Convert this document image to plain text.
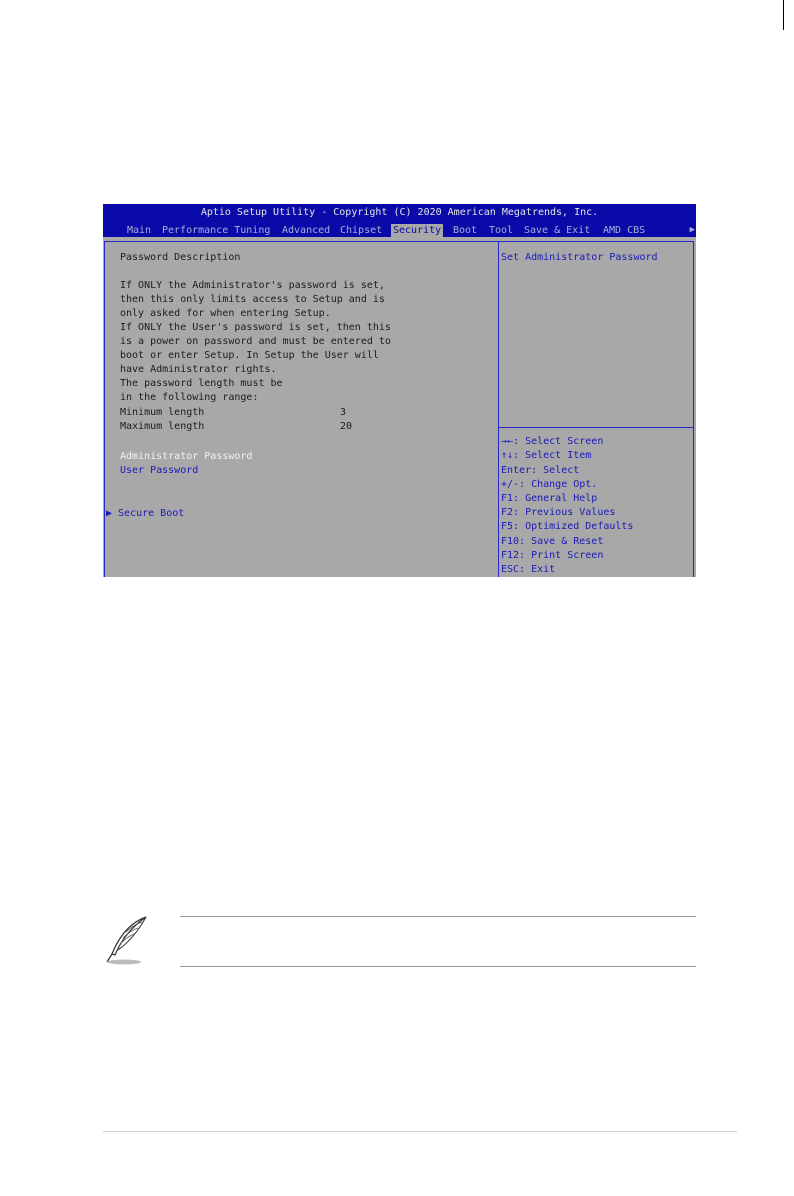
Aptio Setup Utility - Copyright (C) 2020 American Megatrends, Inc.
Main Performance Tuning Advanced Chipset Security Boot Tool Save & Exit AMD CBS	▶
Password Description
If ONLY the Administrator's password is set,
then this only limits access to Setup and is
only asked for when entering Setup.
If ONLY the User's password is set, then this
is a power on password and must be entered to
boot or enter Setup. In Setup the User will
have Administrator rights.
The password length must be
in the following range:
Minimum length	3
Maximum length	20
Administrator Password
User Password
▶ Secure Boot
Set Administrator Password
→←: Select Screen
↑↓: Select Item
Enter: Select
+/-: Change Opt.
F1: General Help
F2: Previous Values
F5: Optimized Defaults
F10: Save & Reset
F12: Print Screen
ESC: Exit
